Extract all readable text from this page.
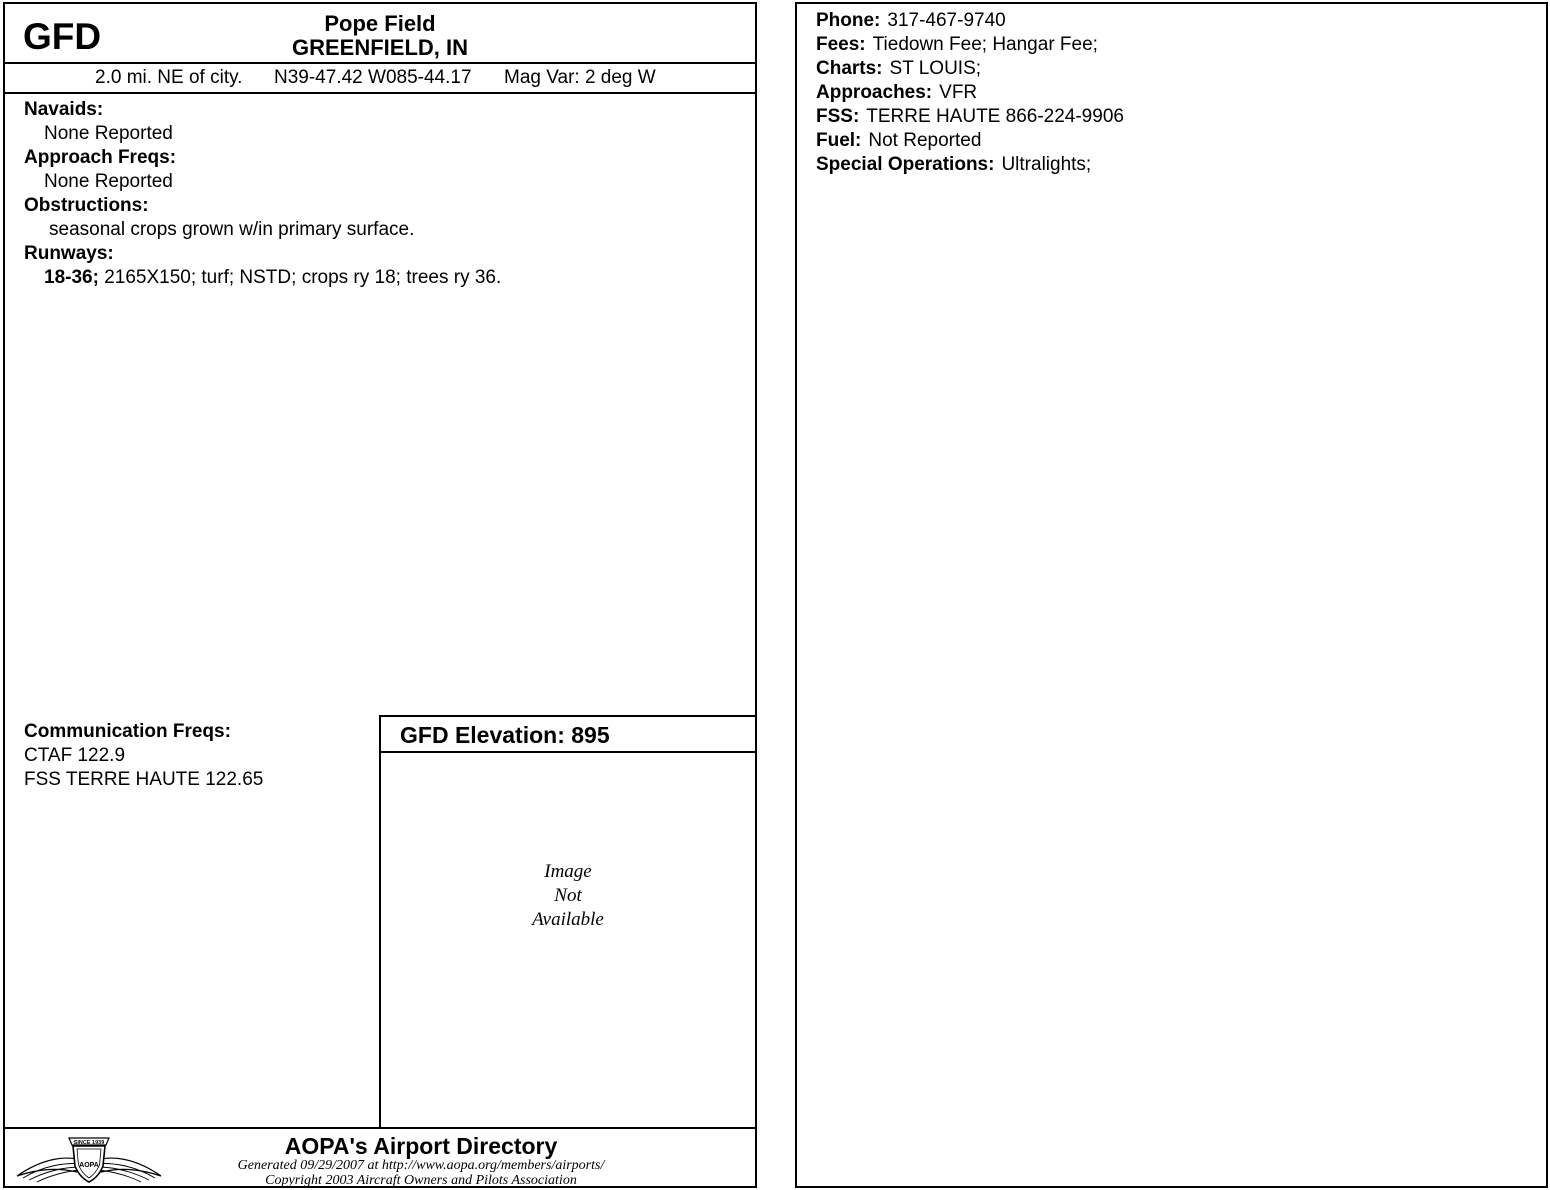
GFD	Pope Field
GREENFIELD, IN
2.0 mi. NE of city. N39-47.42 W085-44.17 Mag Var: 2 deg W
Navaids:
None Reported
Approach Freqs:
None Reported
Obstructions:
seasonal crops grown w/in primary surface.
Runways:
18-36; 2165X150; turf; NSTD; crops ry 18; trees ry 36.
Communication Freqs:
CTAF 122.9
FSS TERRE HAUTE 122.65
GFD Elevation: 895
Image
Not
Available
SINCE 1939
AOPA
AOPA's Airport Directory
Generated 09/29/2007 at http://www.aopa.org/members/airports/
Copyright 2003 Aircraft Owners and Pilots Association
Phone: 317-467-9740
Fees: Tiedown Fee; Hangar Fee;
Charts: ST LOUIS;
Approaches: VFR
FSS: TERRE HAUTE 866-224-9906
Fuel: Not Reported
Special Operations: Ultralights;
